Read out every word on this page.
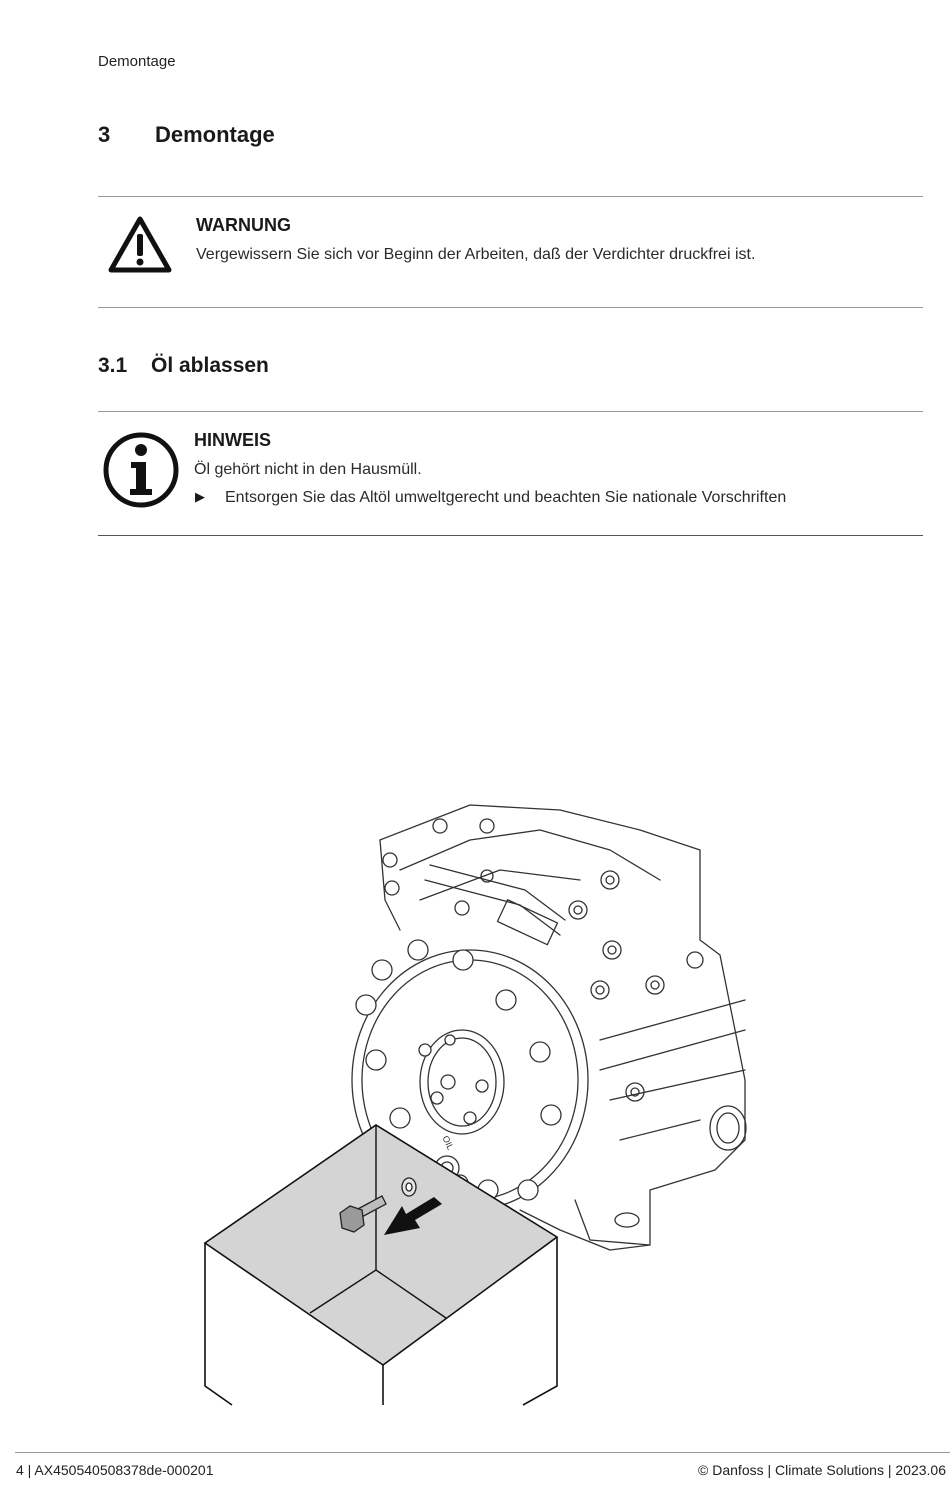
Demontage
3 Demontage
WARNUNG
Vergewissern Sie sich vor Beginn der Arbeiten, daß der Verdichter druckfrei ist.
3.1 Öl ablassen
HINWEIS
Öl gehört nicht in den Hausmüll.
▶ Entsorgen Sie das Altöl umweltgerecht und beachten Sie nationale Vorschriften
OIL
4 | AX450540508378de-000201	© Danfoss | Climate Solutions | 2023.06
